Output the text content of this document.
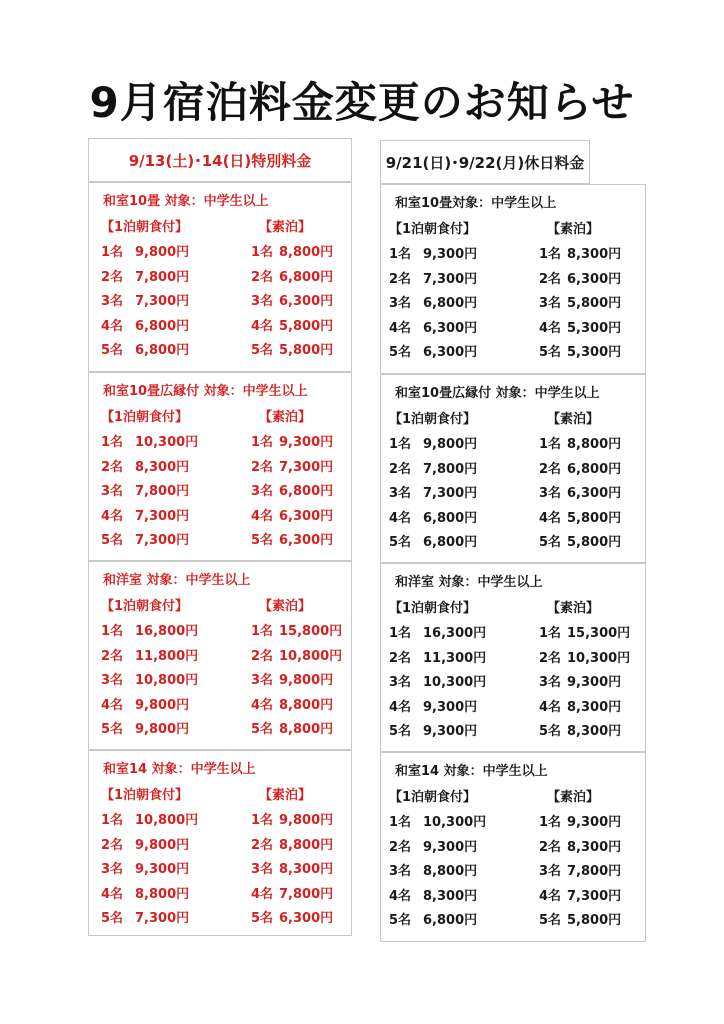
9月宿泊料金変更のお知らせ
9/13(土)･14(日)特別料金
和室10畳 対象：中学生以上
【1泊朝食付】	【素泊】
1名 9,800円	1名 8,800円
2名 7,800円	2名 6,800円
3名 7,300円	3名 6,300円
4名 6,800円	4名 5,800円
5名 6,800円	5名 5,800円
和室10畳広縁付 対象：中学生以上
【1泊朝食付】	【素泊】
1名 10,300円	1名 9,300円
2名 8,300円	2名 7,300円
3名 7,800円	3名 6,800円
4名 7,300円	4名 6,300円
5名 7,300円	5名 6,300円
和洋室 対象：中学生以上
【1泊朝食付】	【素泊】
1名 16,800円	1名 15,800円
2名 11,800円	2名 10,800円
3名 10,800円	3名 9,800円
4名 9,800円	4名 8,800円
5名 9,800円	5名 8,800円
和室14 対象：中学生以上
【1泊朝食付】	【素泊】
1名 10,800円	1名 9,800円
2名 9,800円	2名 8,800円
3名 9,300円	3名 8,300円
4名 8,800円	4名 7,800円
5名 7,300円	5名 6,300円
9/21(日)･9/22(月)休日料金
和室10畳対象：中学生以上
【1泊朝食付】	【素泊】
1名 9,300円	1名 8,300円
2名 7,300円	2名 6,300円
3名 6,800円	3名 5,800円
4名 6,300円	4名 5,300円
5名 6,300円	5名 5,300円
和室10畳広縁付 対象：中学生以上
【1泊朝食付】	【素泊】
1名 9,800円	1名 8,800円
2名 7,800円	2名 6,800円
3名 7,300円	3名 6,300円
4名 6,800円	4名 5,800円
5名 6,800円	5名 5,800円
和洋室 対象：中学生以上
【1泊朝食付】	【素泊】
1名 16,300円	1名 15,300円
2名 11,300円	2名 10,300円
3名 10,300円	3名 9,300円
4名 9,300円	4名 8,300円
5名 9,300円	5名 8,300円
和室14 対象：中学生以上
【1泊朝食付】	【素泊】
1名 10,300円	1名 9,300円
2名 9,300円	2名 8,300円
3名 8,800円	3名 7,800円
4名 8,300円	4名 7,300円
5名 6,800円	5名 5,800円
